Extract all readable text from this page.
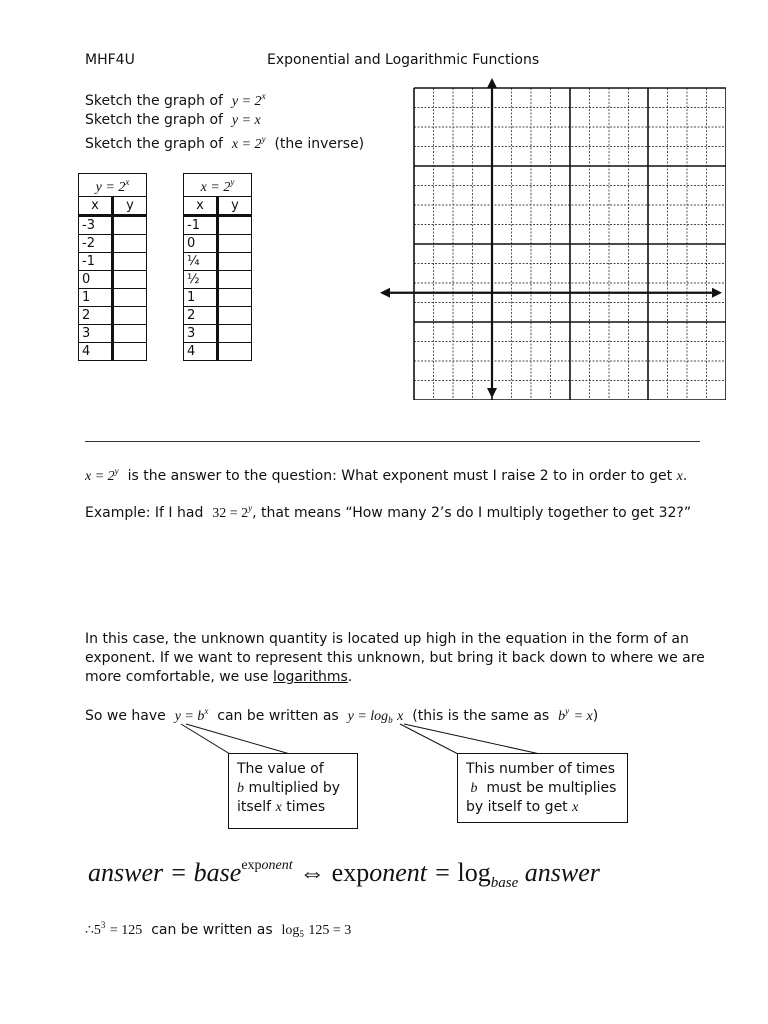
MHF4U	Exponential and Logarithmic Functions
Sketch the graph of $y = 2^x$
Sketch the graph of y = x
Sketch the graph of $x = 2^y$ (the inverse)
$y = 2^x$
x	y
-3	
-2	
-1	
0	
1	
2	
3	
4	
$x = 2^y$
x	y
-1	
0	
¼	
½	
1	
2	
3	
4	
$x = 2^y$ is the answer to the question: What exponent must I raise 2 to in order to get x.
Example: If I had $32 = 2^y$, that means “How many 2’s do I multiply together to get 32?”
In this case, the unknown quantity is located up high in the equation in the form of an exponent. If we want to represent this unknown, but bring it back down to where we are more comfortable, we use logarithms.
So we have $y = b^x$ can be written as $y = \log_b x$ (this is the same as $b^y = x$)
The value of
b multiplied by
itself x times
This number of times
b must be multiplies
by itself to get x
answer = base$^{exponent}$ ⇔ exponent = $\log_{base}$ answer
$\therefore 5^3 = 125$ can be written as $\log_5 125 = 3$
